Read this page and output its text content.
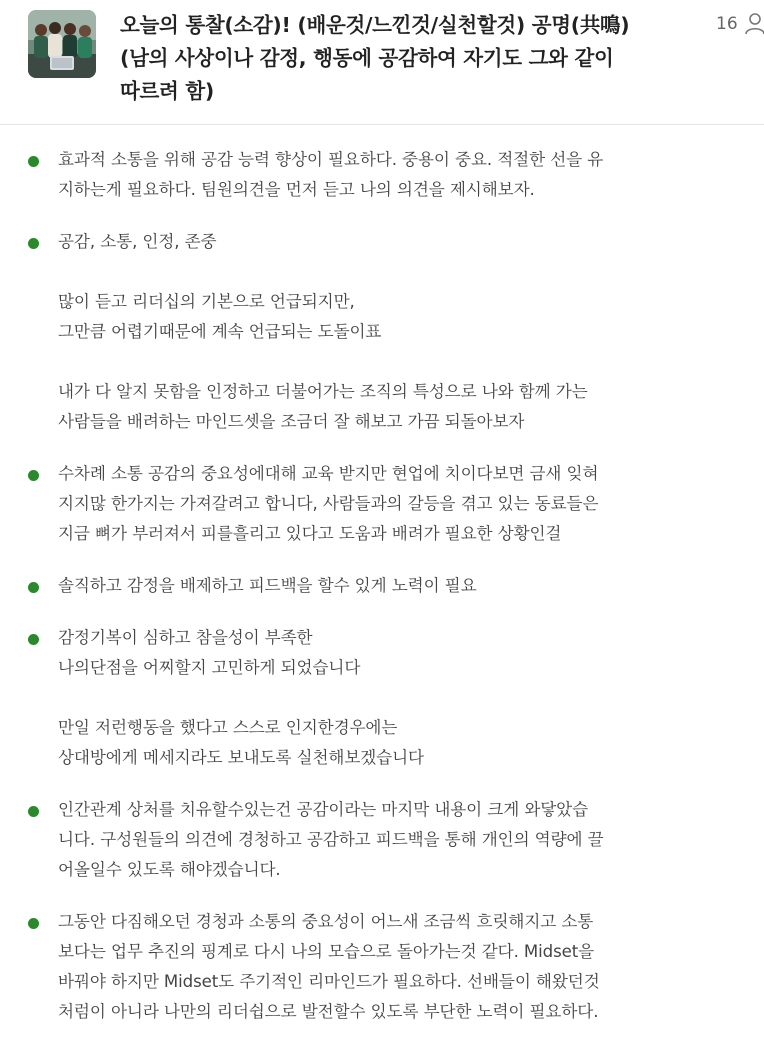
오늘의 통찰(소감)! (배운것/느낀것/실천할것) 공명(共鳴)
(남의 사상이나 감정, 행동에 공감하여 자기도 그와 같이
따르려 함)
16
효과적 소통을 위해 공감 능력 향상이 필요하다. 중용이 중요. 적절한 선을 유
지하는게 필요하다. 팀원의견을 먼저 듣고 나의 의견을 제시해보자.
공감, 소통, 인정, 존중
많이 듣고 리더십의 기본으로 언급되지만,
그만큼 어렵기때문에 계속 언급되는 도돌이표
내가 다 알지 못함을 인정하고 더불어가는 조직의 특성으로 나와 함께 가는
사람들을 배려하는 마인드셋을 조금더 잘 해보고 가끔 되돌아보자
수차례 소통 공감의 중요성에대해 교육 받지만 현업에 치이다보면 금새 잊혀
지지많 한가지는 가져갈려고 합니다, 사람들과의 갈등을 겪고 있는 동료들은
지금 뼈가 부러져서 피를흘리고 있다고 도움과 배려가 필요한 상황인걸
솔직하고 감정을 배제하고 피드백을 할수 있게 노력이 필요
감정기복이 심하고 참을성이 부족한
나의단점을 어찌할지 고민하게 되었습니다
만일 저런행동을 했다고 스스로 인지한경우에는
상대방에게 메세지라도 보내도록 실천해보겠습니다
인간관계 상처를 치유할수있는건 공감이라는 마지막 내용이 크게 와닿았습
니다. 구성원들의 의견에 경청하고 공감하고 피드백을 통해 개인의 역량에 끌
어올일수 있도록 해야겠습니다.
그동안 다짐해오던 경청과 소통의 중요성이 어느새 조금씩 흐릿해지고 소통
보다는 업무 추진의 핑계로 다시 나의 모습으로 돌아가는것 같다. Midset을
바꿔야 하지만 Midset도 주기적인 리마인드가 필요하다. 선배들이 해왔던것
처럼이 아니라 나만의 리더쉽으로 발전할수 있도록 부단한 노력이 필요하다.
